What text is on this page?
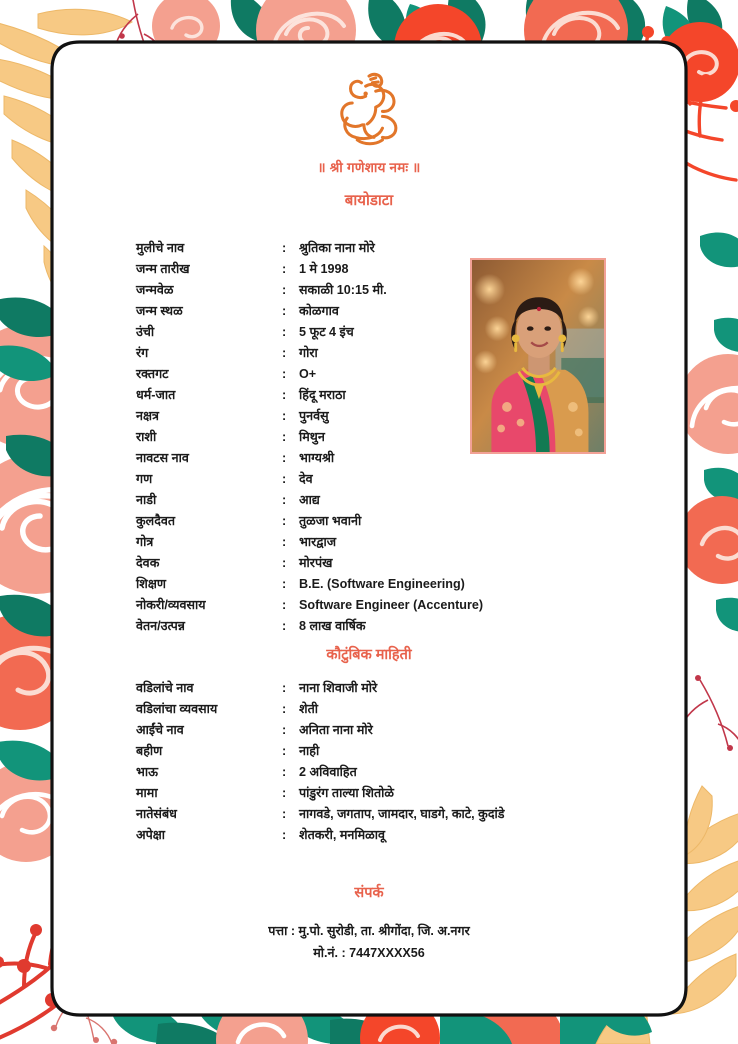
॥ श्री गणेशाय नमः ॥
बायोडाटा
मुलीचे नाव	: श्रुतिका नाना मोरे
जन्म तारीख	: 1 मे 1998
जन्मवेळ	: सकाळी 10:15 मी.
जन्म स्थळ	: कोळगाव
उंची	: 5 फूट 4 इंच
रंग	: गोरा
रक्तगट	: O+
धर्म-जात	: हिंदू मराठा
नक्षत्र	: पुनर्वसु
राशी	: मिथुन
नावटस नाव	: भाग्यश्री
गण	: देव
नाडी	: आद्य
कुलदैवत	: तुळजा भवानी
गोत्र	: भारद्वाज
देवक	: मोरपंख
शिक्षण	: B.E. (Software Engineering)
नोकरी/व्यवसाय	: Software Engineer (Accenture)
वेतन/उत्पन्न	: 8 लाख वार्षिक
कौटुंबिक माहिती
वडिलांचे नाव	: नाना शिवाजी मोरे
वडिलांचा व्यवसाय	: शेती
आईंचे नाव	: अनिता नाना मोरे
बहीण	: नाही
भाऊ	: 2 अविवाहित
मामा	: पांडुरंग ताल्या शितोळे
नातेसंबंध	: नागवडे, जगताप, जामदार, घाडगे, काटे, कुदांडे
अपेक्षा	: शेतकरी, मनमिळावू
संपर्क
पत्ता : मु.पो. सुरोडी, ता. श्रीगोंदा, जि. अ.नगर
मो.नं. : 7447XXXX56
